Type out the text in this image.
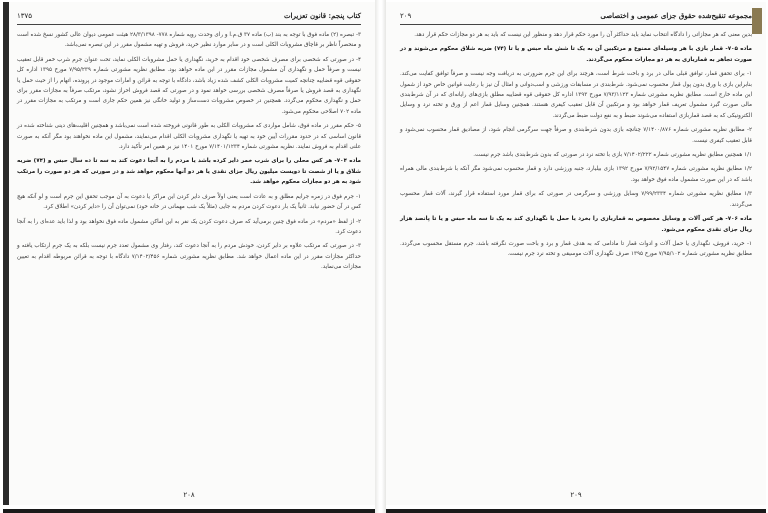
کتاب پنجم: قانون تعزیرات
۱۳۷۵

۳- تبصره (۲) ماده فوق با توجه به بند (ب) ماده ۳۷ ق.م.ا و رای وحدت رویه شماره ۷۷۸- ۲۸/۳/۱۳۹۸ هیئت عمومی دیوان عالی کشور نسخ شده است و منحصراً ناظر بر قاچاق مشروبات الکلی است و در سایر موارد نظیر خرید، فروش و تهیه مشمول مقرر در این تبصره نمی‌باشد.

۴- در صورتی که شخصی برای مصرف شخصی خود اقدام به خرید، نگهداری یا حمل مشروبات الکلی نماید، تحت عنوان جرم شرب خمر قابل تعقیب نیست و صرفاً حمل و نگهداری آن مشمول مجازات مقرر در این ماده خواهد بود. مطابق نظریه مشورتی شماره ۷/۹۵/۲۳۹ مورخ ۱۳۹۵ اداره کل حقوقی قوه قضاییه چنانچه کمیت مشروبات الکلی کشف شده زیاد باشد، دادگاه با توجه به قرائن و امارات موجود در پرونده، اتهام را از حیث حمل یا نگهداری به قصد فروش یا صرفاً مصرف شخصی بررسی خواهد نمود و در صورتی که قصد فروش احراز نشود، مرتکب صرفاً به مجازات مقرر برای حمل و نگهداری محکوم می‌گردد. همچنین در خصوص مشروبات دست‌ساز و تولید خانگی نیز همین حکم جاری است و مرتکب به مجازات مقرر در ماده ۷۰۲ اصلاحی محکوم می‌شود.

۵- حکم مقرر در ماده فوق، شامل مواردی که مشروبات الکلی به طور قانونی فروخته شده است نمی‌باشد و همچنین اقلیت‌های دینی شناخته شده در قانون اساسی که در حدود مقررات آیین خود به تهیه یا نگهداری مشروبات الکلی اقدام می‌نمایند، مشمول این ماده نخواهند بود مگر آنکه به صورت علنی اقدام به فروش نمایند. نظریه مشورتی شماره ۷/۱۴۰۱/۱۲۳۴ مورخ ۱۴۰۱ نیز بر همین امر تأکید دارد.

ماده ۷۰۴- هر کس محلی را برای شرب خمر دایر کرده باشد یا مردم را به آنجا دعوت کند به سه تا ده سال حبس و (۷۴) ضربه شلاق و یا از شصت تا دویست میلیون ریال جزای نقدی یا هر دو آنها محکوم خواهد شد و در صورتی که هر دو صورت را مرتکب شود به هر دو مجازات محکوم خواهد شد.

۱- جرم فوق در زمره جرایم مطلق و به عادت است یعنی اولاً صرف دایر کردن این مراکز یا دعوت به آن موجب تحقق این جرم است و لو آنکه هیچ کس در آن حضور نیابد. ثانیاً یک بار دعوت کردن مردم به جایی (مثلاً یک شب مهمانی در خانه خود) نمی‌توان آن را «دایر کردن» اطلاق کرد.

۲- از لفظ «مردم» در ماده فوق چنین برمی‌آید که صرف دعوت کردن یک نفر به این اماکن مشمول ماده فوق نخواهد بود و لذا باید عده‌ای را به آنجا دعوت کرد.

۳- در صورتی که مرتکب علاوه بر دایر کردن، خودش مردم را به آنجا دعوت کند، رفتار وی مشمول تعدد جرم نیست بلکه به یک جرم ارتکاب یافته و حداکثر مجازات مقرر در این ماده اعمال خواهد شد. مطابق نظریه مشورتی شماره ۷/۱۴۰۲/۴۵۶ دادگاه با توجه به قرائن مربوطه اقدام به تعیین مجازات می‌نماید.

۲۰۸
مجموعه تنقیح‌شده حقوق جزای عمومی و اختصاصی
۲۰۹

بدین معنی که هر مجازاتی را دادگاه انتخاب نماید باید حداکثر آن را مورد حکم قرار دهد و منظور این نیست که باید به هر دو مجازات حکم قرار دهد.

ماده ۷۰۵- قمار بازی با هر وسیله‌ای ممنوع و مرتکبین آن به یک تا شش ماه حبس و یا تا (۷۴) ضربه شلاق محکوم می‌شوند و در صورت تجاهر به قماربازی به هر دو مجازات محکوم می‌گردند.

۱- برای تحقق قمار، توافق قبلی مالی در برد و باخت شرط است، هرچند برای این جرم ضرورتی به دریافت وجه نیست و صرفاً توافق کفایت می‌کند. بنابراین بازی با ورق بدون پول قمار محسوب نمی‌شود. شرط‌بندی در مسابقات ورزشی و اسب‌دوانی و امثال آن نیز با رعایت قوانین خاص خود از شمول این ماده خارج است. مطابق نظریه مشورتی شماره ۷/۹۳/۱۱۲۳ مورخ ۱۳۹۳ اداره کل حقوقی قوه قضاییه مطلق بازی‌های رایانه‌ای که در آن شرط‌بندی مالی صورت گیرد مشمول تعریف قمار خواهد بود و مرتکبین آن قابل تعقیب کیفری هستند. همچنین وسایل قمار اعم از ورق و تخته نرد و وسایل الکترونیکی که به قصد قماربازی استفاده می‌شوند ضبط و به نفع دولت ضبط می‌گردند.

۲- مطابق نظریه مشورتی شماره ۷/۱۴۰۰/۸۷۶ چنانچه بازی بدون شرط‌بندی و صرفاً جهت سرگرمی انجام شود، از مصادیق قمار محسوب نمی‌شود و قابل تعقیب کیفری نیست.

۱/۱ همچنین مطابق نظریه مشورتی شماره ۷/۱۴۰۲/۲۲۲ بازی با تخته نرد در صورتی که بدون شرط‌بندی باشد جرم نیست.

۱/۲ مطابق نظریه مشورتی شماره ۷/۹۲/۱۵۴۷ مورخ ۱۳۹۲ بازی بیلیارد، جنبه ورزشی دارد و قمار محسوب نمی‌شود مگر آنکه با شرط‌بندی مالی همراه باشد که در این صورت مشمول ماده فوق خواهد بود.

۱/۳ مطابق نظریه مشورتی شماره ۷/۹۹/۲۳۳۴ وسایل ورزشی و سرگرمی در صورتی که برای قمار مورد استفاده قرار گیرند، آلات قمار محسوب می‌گردند.

ماده ۷۰۶- هر کس آلات و وسایل مخصوص به قماربازی را بخرد یا حمل یا نگهداری کند به یک تا سه ماه حبس و یا تا پانصد هزار ریال جزای نقدی محکوم می‌شود.

۱- خرید، فروش، نگهداری یا حمل آلات و ادوات قمار تا مادامی که به هدف قمار و برد و باخت صورت نگرفته باشد، جرم مستقل محسوب می‌گردد. مطابق نظریه مشورتی شماره ۷/۹۵/۱۰۲ مورخ ۱۳۹۵ صرف نگهداری آلات موسیقی و تخته نرد جرم نیست.

۲۰۹
